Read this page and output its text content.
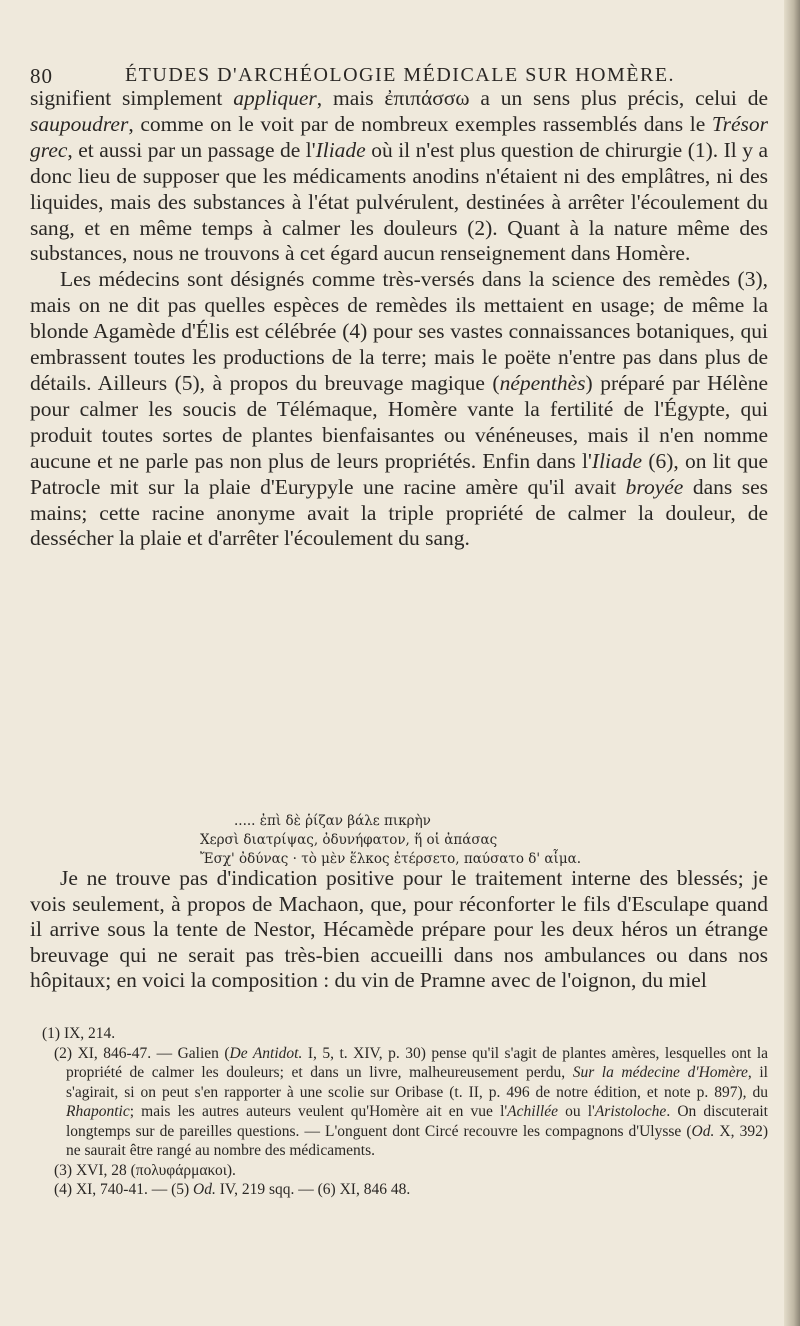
80	ÉTUDES D'ARCHÉOLOGIE MÉDICALE SUR HOMÈRE.

signifient simplement appliquer, mais ἐπιπάσσω a un sens plus précis, celui de saupoudrer, comme on le voit par de nombreux exemples rassemblés dans le Trésor grec, et aussi par un passage de l'Iliade où il n'est plus question de chirurgie (1). Il y a donc lieu de supposer que les médicaments anodins n'étaient ni des emplâtres, ni des liquides, mais des substances à l'état pulvérulent, destinées à arrêter l'écoulement du sang, et en même temps à calmer les douleurs (2). Quant à la nature même des substances, nous ne trouvons à cet égard aucun renseignement dans Homère.

Les médecins sont désignés comme très-versés dans la science des remèdes (3), mais on ne dit pas quelles espèces de remèdes ils mettaient en usage; de même la blonde Agamède d'Élis est célébrée (4) pour ses vastes connaissances botaniques, qui embrassent toutes les productions de la terre; mais le poëte n'entre pas dans plus de détails. Ailleurs (5), à propos du breuvage magique (népenthès) préparé par Hélène pour calmer les soucis de Télémaque, Homère vante la fertilité de l'Égypte, qui produit toutes sortes de plantes bienfaisantes ou vénéneuses, mais il n'en nomme aucune et ne parle pas non plus de leurs propriétés. Enfin dans l'Iliade (6), on lit que Patrocle mit sur la plaie d'Eurypyle une racine amère qu'il avait broyée dans ses mains; cette racine anonyme avait la triple propriété de calmer la douleur, de dessécher la plaie et d'arrêter l'écoulement du sang.

..... ἐπὶ δὲ ῥίζαν βάλε πικρὴν
Χερσὶ διατρίψας, ὀδυνήφατον, ἥ οἱ ἀπάσας
Ἔσχ' ὀδύνας · τὸ μὲν ἕλκος ἐτέρσετο, παύσατο δ' αἷμα.

Je ne trouve pas d'indication positive pour le traitement interne des blessés; je vois seulement, à propos de Machaon, que, pour réconforter le fils d'Esculape quand il arrive sous la tente de Nestor, Hécamède prépare pour les deux héros un étrange breuvage qui ne serait pas très-bien accueilli dans nos ambulances ou dans nos hôpitaux; en voici la composition : du vin de Pramne avec de l'oignon, du miel

(1) IX, 214.

(2) XI, 846-47. — Galien (De Antidot. I, 5, t. XIV, p. 30) pense qu'il s'agit de plantes amères, lesquelles ont la propriété de calmer les douleurs; et dans un livre, malheureusement perdu, Sur la médecine d'Homère, il s'agirait, si on peut s'en rapporter à une scolie sur Oribase (t. II, p. 496 de notre édition, et note p. 897), du Rhapontic; mais les autres auteurs veulent qu'Homère ait en vue l'Achillée ou l'Aristoloche. On discuterait longtemps sur de pareilles questions. — L'onguent dont Circé recouvre les compagnons d'Ulysse (Od. X, 392) ne saurait être rangé au nombre des médicaments.

(3) XVI, 28 (πολυφάρμακοι).

(4) XI, 740-41. — (5) Od. IV, 219 sqq. — (6) XI, 846 48.
